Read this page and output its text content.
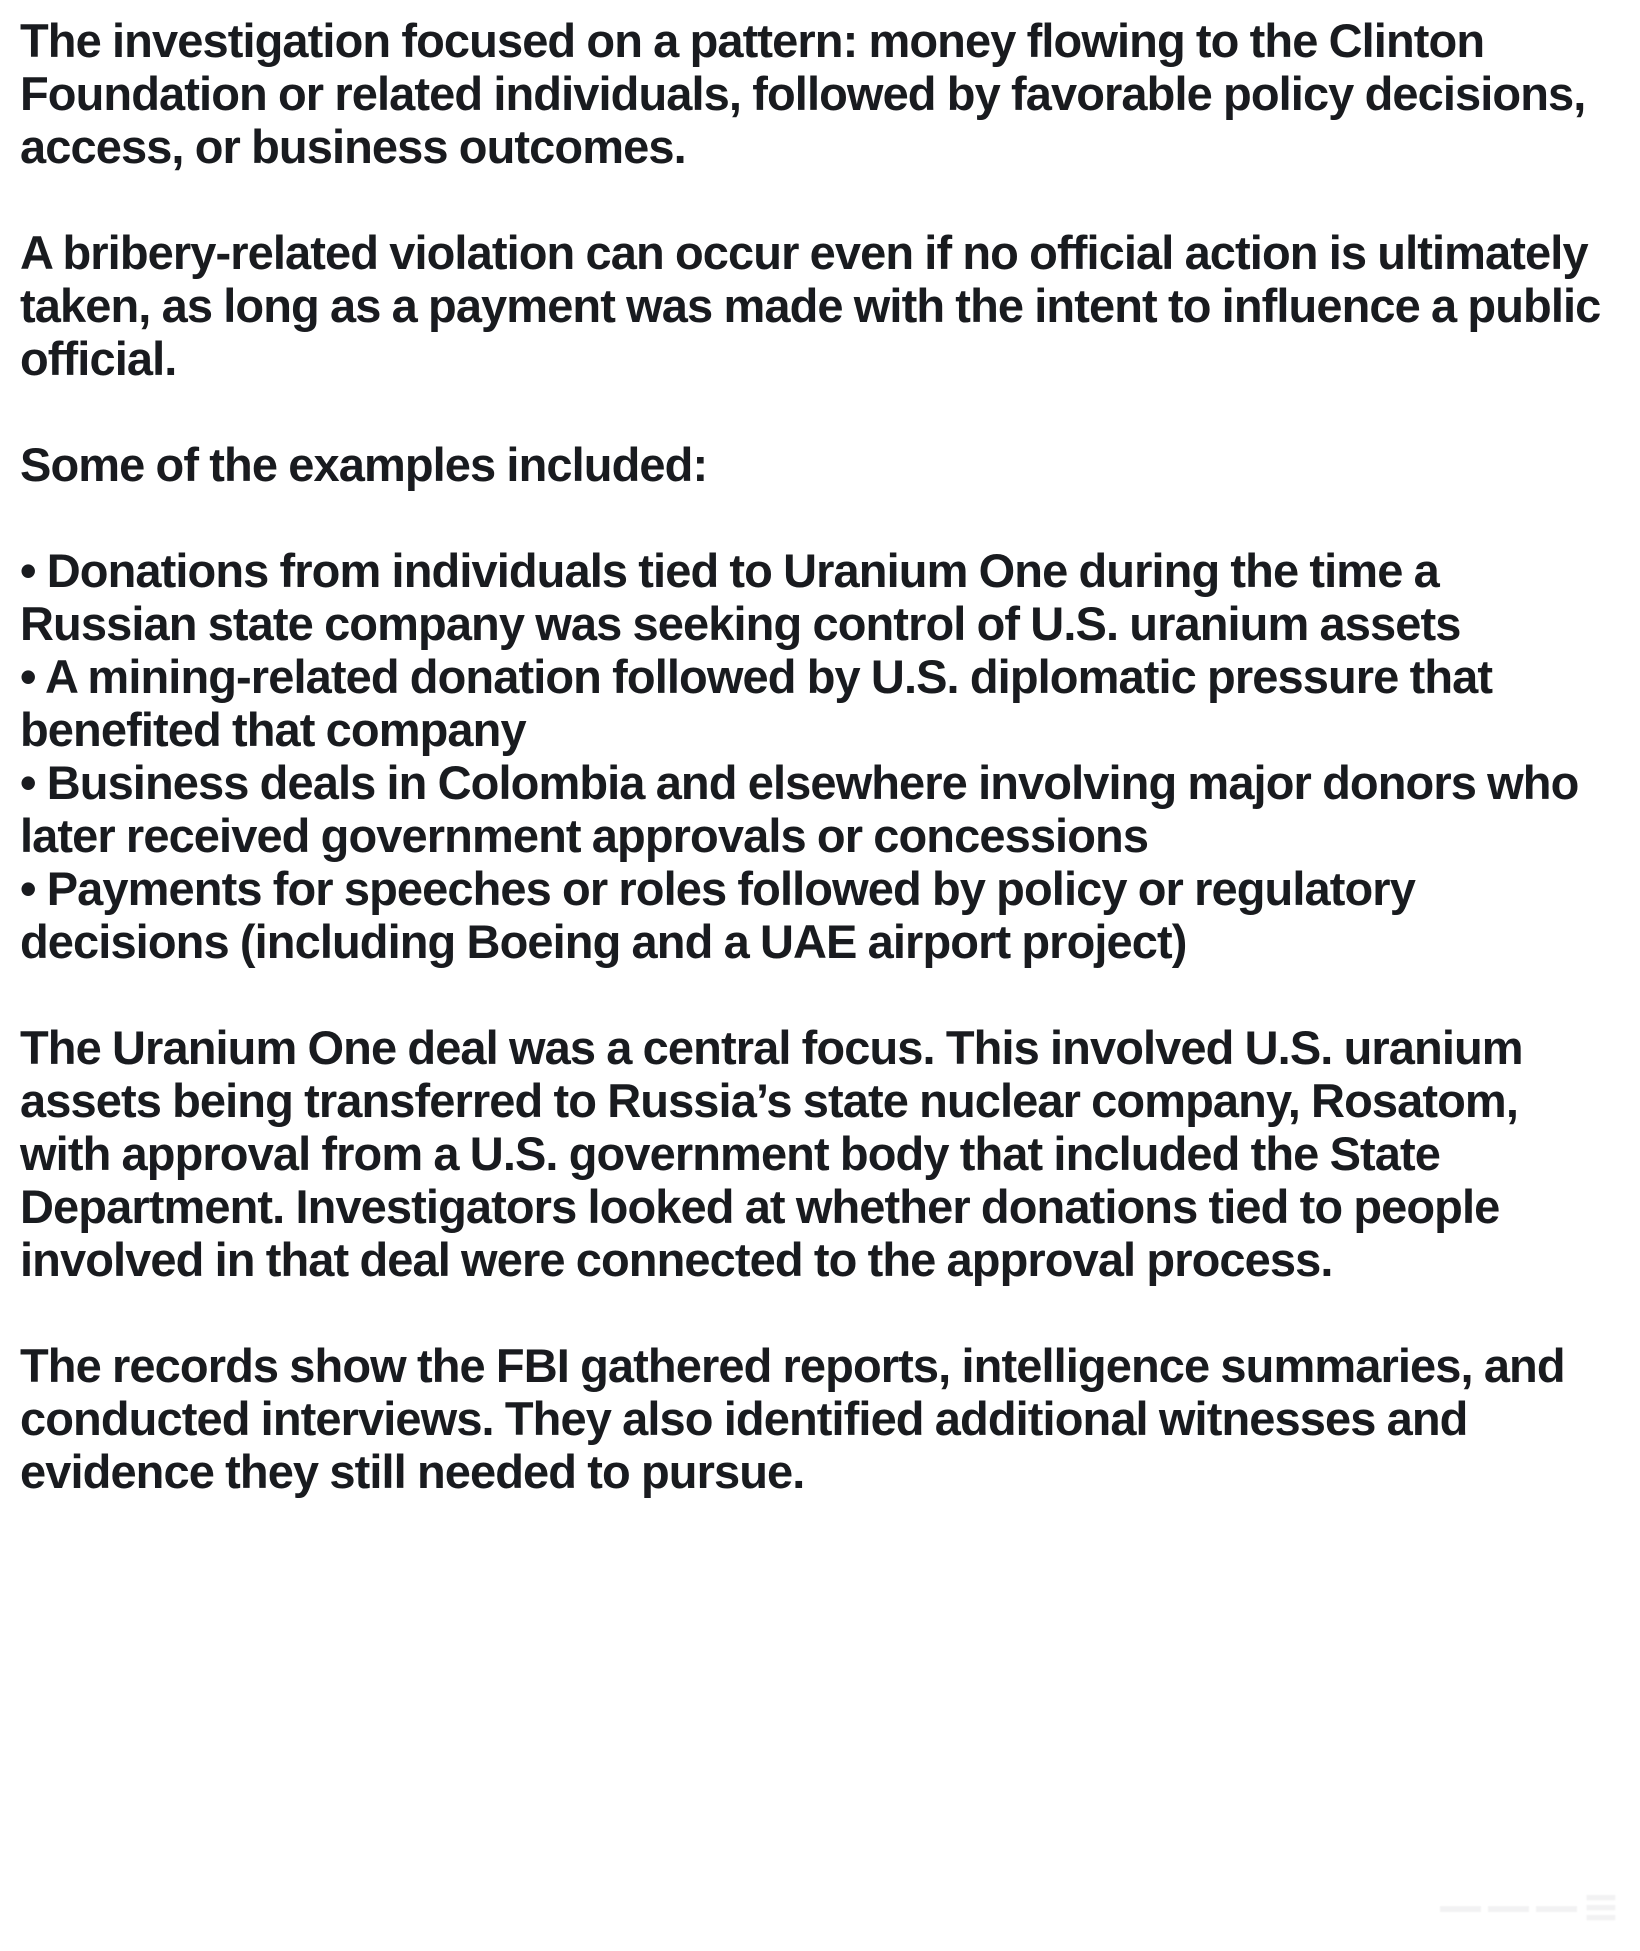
The investigation focused on a pattern: money flowing to the Clinton Foundation or related individuals, followed by favorable policy decisions, access, or business outcomes.

A bribery-related violation can occur even if no official action is ultimately taken, as long as a payment was made with the intent to influence a public official.

Some of the examples included:

• Donations from individuals tied to Uranium One during the time a Russian state company was seeking control of U.S. uranium assets
• A mining-related donation followed by U.S. diplomatic pressure that benefited that company
• Business deals in Colombia and elsewhere involving major donors who later received government approvals or concessions
• Payments for speeches or roles followed by policy or regulatory decisions (including Boeing and a UAE airport project)

The Uranium One deal was a central focus. This involved U.S. uranium assets being transferred to Russia’s state nuclear company, Rosatom, with approval from a U.S. government body that included the State Department. Investigators looked at whether donations tied to people involved in that deal were connected to the approval process.

The records show the FBI gathered reports, intelligence summaries, and conducted interviews. They also identified additional witnesses and evidence they still needed to pursue.

———≡
